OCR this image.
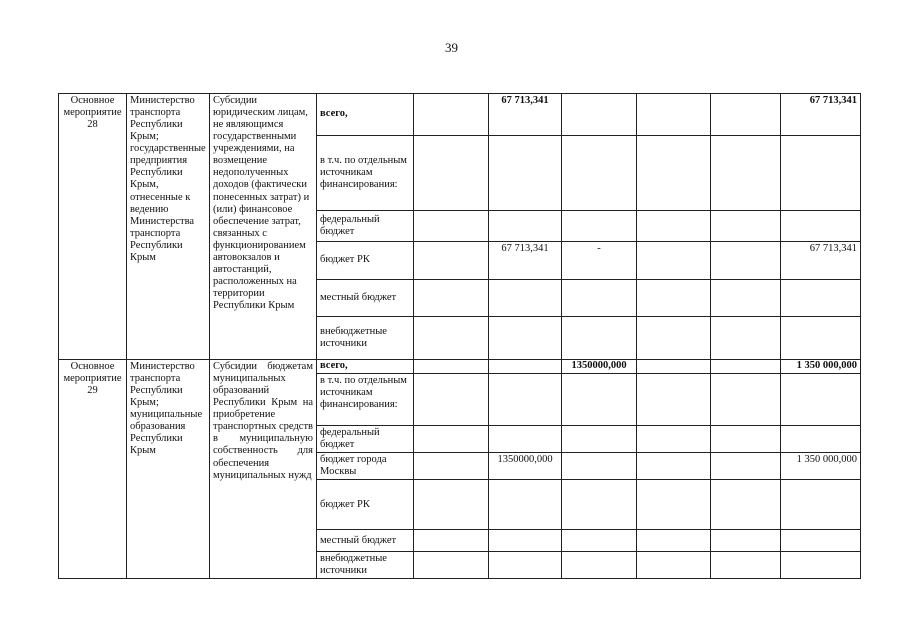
39
Основное мероприятие 28	Министерство транспорта Республики Крым; государственные предприятия Республики Крым, отнесенные к ведению Министерства транспорта Республики Крым	Субсидии юридическим лицам, не являющимся государственными учреждениями, на возмещение недополученных доходов (фактически понесенных затрат) и (или) финансовое обеспечение затрат, связанных с функционированием автовокзалов и автостанций, расположенных на территории Республики Крым	всего,		67 713,341				67 713,341
			в т.ч. по отдельным источникам финансирования:						
			федеральный бюджет						
			бюджет РК		67 713,341	-			67 713,341
			местный бюджет						
			внебюджетные источники						
Основное мероприятие 29	Министерство транспорта Республики Крым; муниципальные образования Республики Крым	Субсидии бюджетам муниципальных образований Республики Крым на приобретение транспортных средств в муниципальную собственность для обеспечения муниципальных нужд	всего,			1350000,000			1 350 000,000
			в т.ч. по отдельным источникам финансирования:						
			федеральный бюджет						
			бюджет города Москвы		1350000,000				1 350 000,000
			бюджет РК						
			местный бюджет						
			внебюджетные источники						
